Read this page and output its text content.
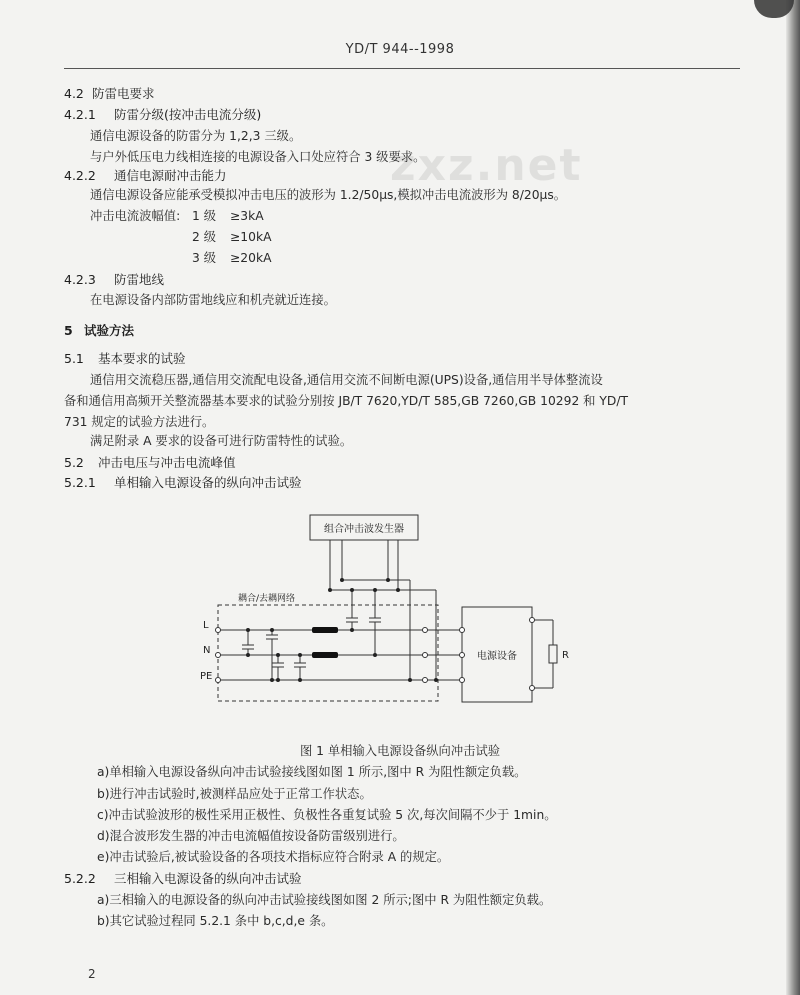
YD/T 944--1998
zxz.net
4.2 防雷电要求
4.2.1 防雷分级(按冲击电流分级)
通信电源设备的防雷分为 1,2,3 三级。
与户外低压电力线相连接的电源设备入口处应符合 3 级要求。
4.2.2 通信电源耐冲击能力
通信电源设备应能承受模拟冲击电压的波形为 1.2/50μs,模拟冲击电流波形为 8/20μs。
冲击电流波幅值: 1 级 ≥3kA
2 级 ≥10kA
3 级 ≥20kA
4.2.3 防雷地线
在电源设备内部防雷地线应和机壳就近连接。
5 试验方法
5.1 基本要求的试验
通信用交流稳压器,通信用交流配电设备,通信用交流不间断电源(UPS)设备,通信用半导体整流设
备和通信用高频开关整流器基本要求的试验分别按 JB/T 7620,YD/T 585,GB 7260,GB 10292 和 YD/T
731 规定的试验方法进行。
满足附录 A 要求的设备可进行防雷特性的试验。
5.2 冲击电压与冲击电流峰值
5.2.1 单相输入电源设备的纵向冲击试验
组合冲击波发生器
耦合/去耦网络
L
N
PE
电源设备	R
图 1 单相输入电源设备纵向冲击试验
a)单相输入电源设备纵向冲击试验接线图如图 1 所示,图中 R 为阻性额定负载。
b)进行冲击试验时,被测样品应处于正常工作状态。
c)冲击试验波形的极性采用正极性、负极性各重复试验 5 次,每次间隔不少于 1min。
d)混合波形发生器的冲击电流幅值按设备防雷级别进行。
e)冲击试验后,被试验设备的各项技术指标应符合附录 A 的规定。
5.2.2 三相输入电源设备的纵向冲击试验
a)三相输入的电源设备的纵向冲击试验接线图如图 2 所示;图中 R 为阻性额定负载。
b)其它试验过程同 5.2.1 条中 b,c,d,e 条。
2
